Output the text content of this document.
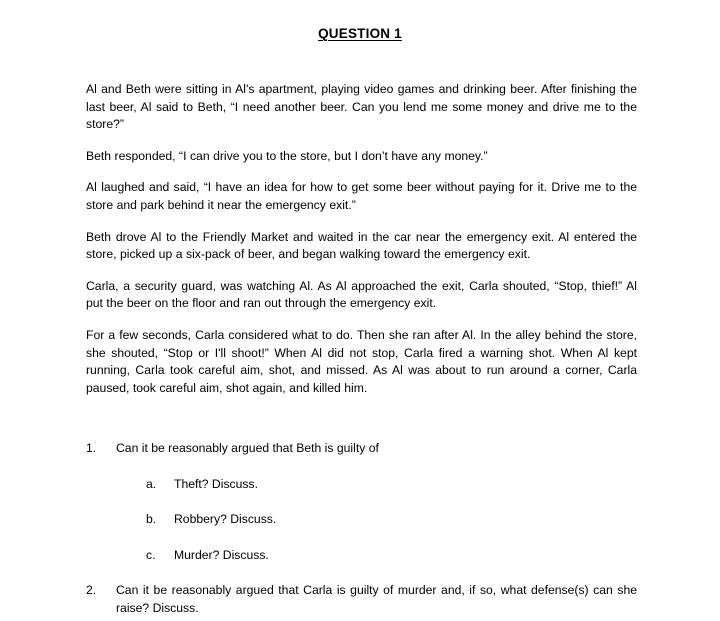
QUESTION 1

Al and Beth were sitting in Al's apartment, playing video games and drinking beer. After finishing the last beer, Al said to Beth, “I need another beer. Can you lend me some money and drive me to the store?”

Beth responded, “I can drive you to the store, but I don’t have any money.”

Al laughed and said, “I have an idea for how to get some beer without paying for it. Drive me to the store and park behind it near the emergency exit.”

Beth drove Al to the Friendly Market and waited in the car near the emergency exit. Al entered the store, picked up a six-pack of beer, and began walking toward the emergency exit.

Carla, a security guard, was watching Al. As Al approached the exit, Carla shouted, “Stop, thief!” Al put the beer on the floor and ran out through the emergency exit.

For a few seconds, Carla considered what to do. Then she ran after Al. In the alley behind the store, she shouted, “Stop or I'll shoot!” When Al did not stop, Carla fired a warning shot. When Al kept running, Carla took careful aim, shot, and missed. As Al was about to run around a corner, Carla paused, took careful aim, shot again, and killed him.

1.	Can it be reasonably argued that Beth is guilty of
a.	Theft? Discuss.
b.	Robbery? Discuss.
c.	Murder? Discuss.
2.	Can it be reasonably argued that Carla is guilty of murder and, if so, what defense(s) can she raise? Discuss.
